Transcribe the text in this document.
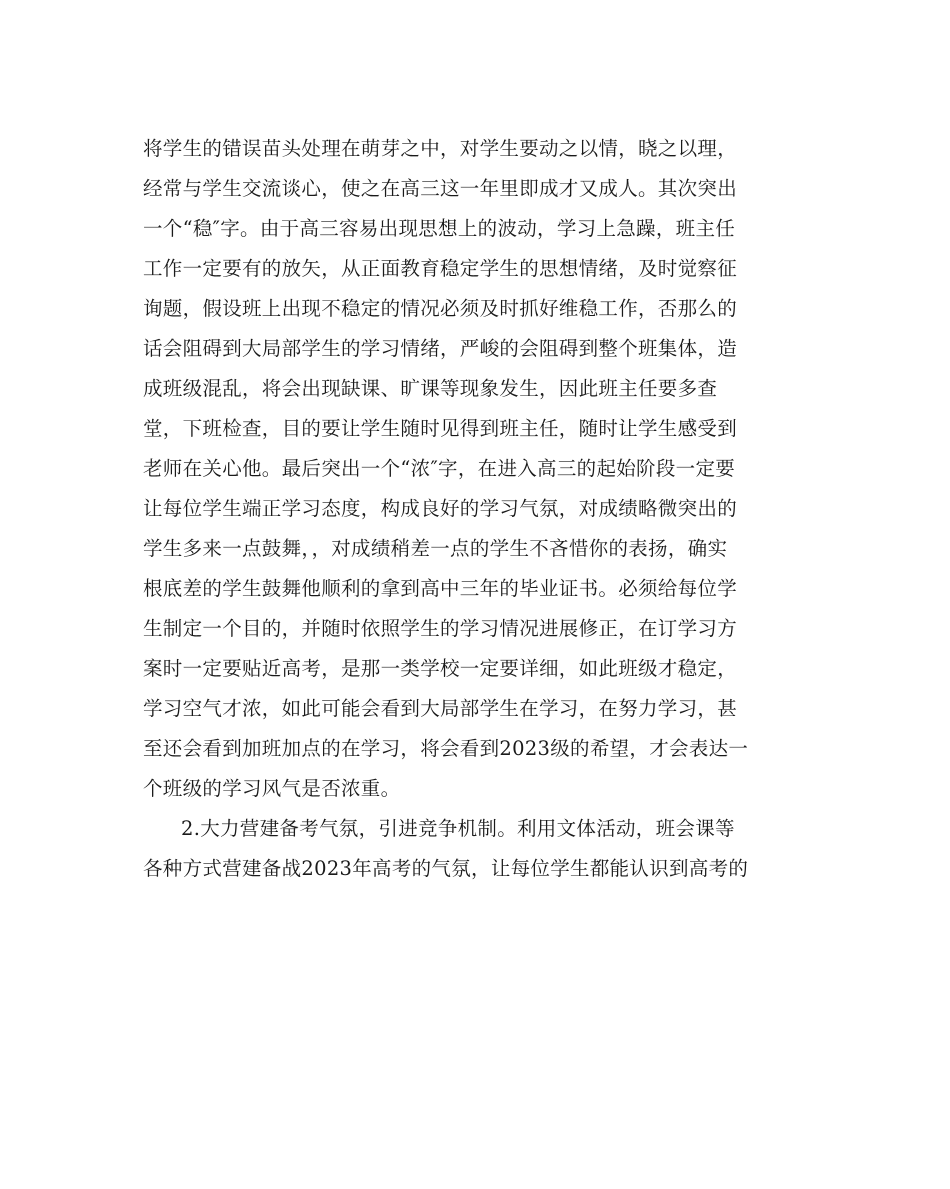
将学生的错误苗头处理在萌芽之中，对学生要动之以情，晓之以理，
经常与学生交流谈心，使之在高三这一年里即成才又成人。其次突出
一个“稳″字。由于高三容易出现思想上的波动，学习上急躁，班主任
工作一定要有的放矢，从正面教育稳定学生的思想情绪，及时觉察征
询题，假设班上出现不稳定的情况必须及时抓好维稳工作，否那么的
话会阻碍到大局部学生的学习情绪，严峻的会阻碍到整个班集体，造
成班级混乱，将会出现缺课、旷课等现象发生，因此班主任要多查
堂，下班检查，目的要让学生随时见得到班主任，随时让学生感受到
老师在关心他。最后突出一个“浓″字，在进入高三的起始阶段一定要
让每位学生端正学习态度，构成良好的学习气氛，对成绩略微突出的
学生多来一点鼓舞，，对成绩稍差一点的学生不吝惜你的表扬，确实
根底差的学生鼓舞他顺利的拿到高中三年的毕业证书。必须给每位学
生制定一个目的，并随时依照学生的学习情况进展修正，在订学习方
案时一定要贴近高考，是那一类学校一定要详细，如此班级才稳定，
学习空气才浓，如此可能会看到大局部学生在学习，在努力学习，甚
至还会看到加班加点的在学习，将会看到2023级的希望，才会表达一
个班级的学习风气是否浓重。
2.大力营建备考气氛，引进竞争机制。利用文体活动，班会课等
各种方式营建备战2023年高考的气氛，让每位学生都能认识到高考的
